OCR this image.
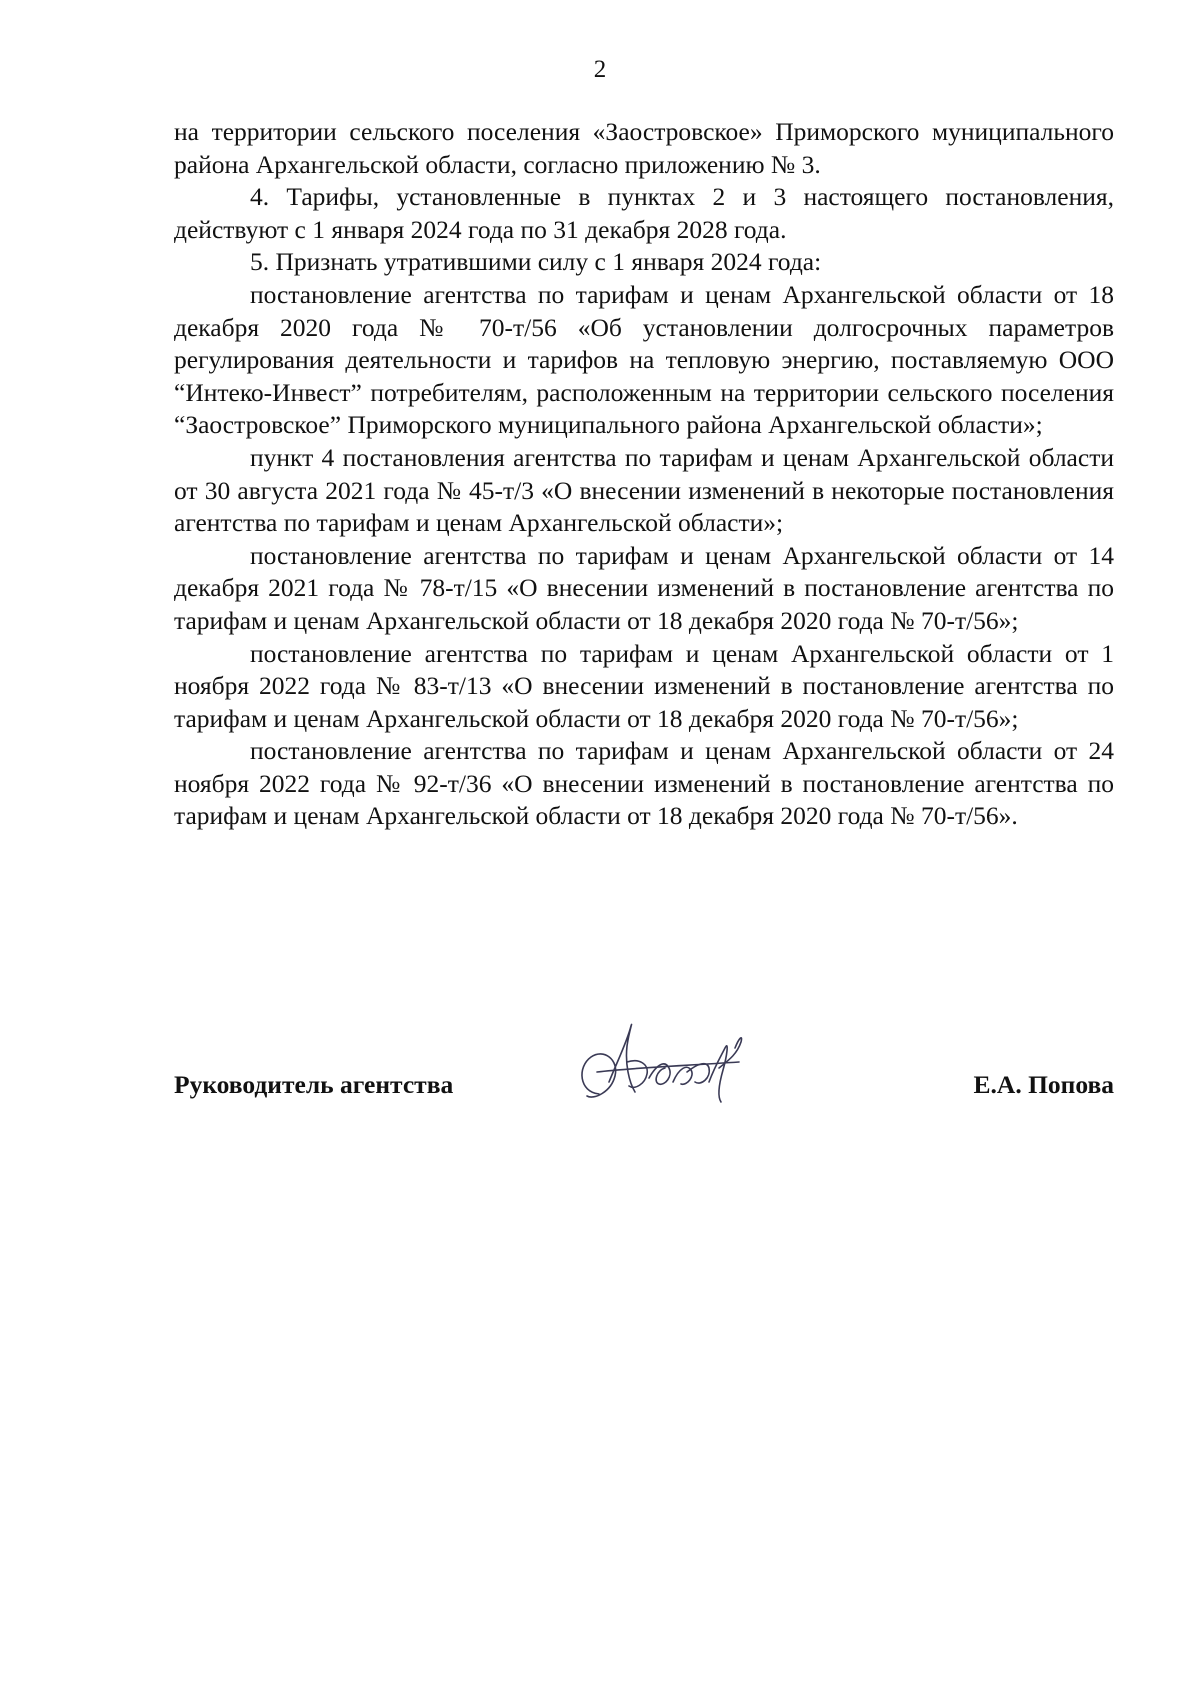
2

на территории сельского поселения «Заостровское» Приморского муниципального района Архангельской области, согласно приложению № 3.

4. Тарифы, установленные в пунктах 2 и 3 настоящего постановления, действуют с 1 января 2024 года по 31 декабря 2028 года.

5. Признать утратившими силу с 1 января 2024 года:

постановление агентства по тарифам и ценам Архангельской области от 18 декабря 2020 года № 70-т/56 «Об установлении долгосрочных параметров регулирования деятельности и тарифов на тепловую энергию, поставляемую ООО “Интеко-Инвест” потребителям, расположенным на территории сельского поселения “Заостровское” Приморского муниципального района Архангельской области»;

пункт 4 постановления агентства по тарифам и ценам Архангельской области от 30 августа 2021 года № 45-т/3 «О внесении изменений в некоторые постановления агентства по тарифам и ценам Архангельской области»;

постановление агентства по тарифам и ценам Архангельской области от 14 декабря 2021 года № 78-т/15 «О внесении изменений в постановление агентства по тарифам и ценам Архангельской области от 18 декабря 2020 года № 70-т/56»;

постановление агентства по тарифам и ценам Архангельской области от 1 ноября 2022 года № 83-т/13 «О внесении изменений в постановление агентства по тарифам и ценам Архангельской области от 18 декабря 2020 года № 70-т/56»;

постановление агентства по тарифам и ценам Архангельской области от 24 ноября 2022 года № 92-т/36 «О внесении изменений в постановление агентства по тарифам и ценам Архангельской области от 18 декабря 2020 года № 70-т/56».

Руководитель агентства	Е.А. Попова
